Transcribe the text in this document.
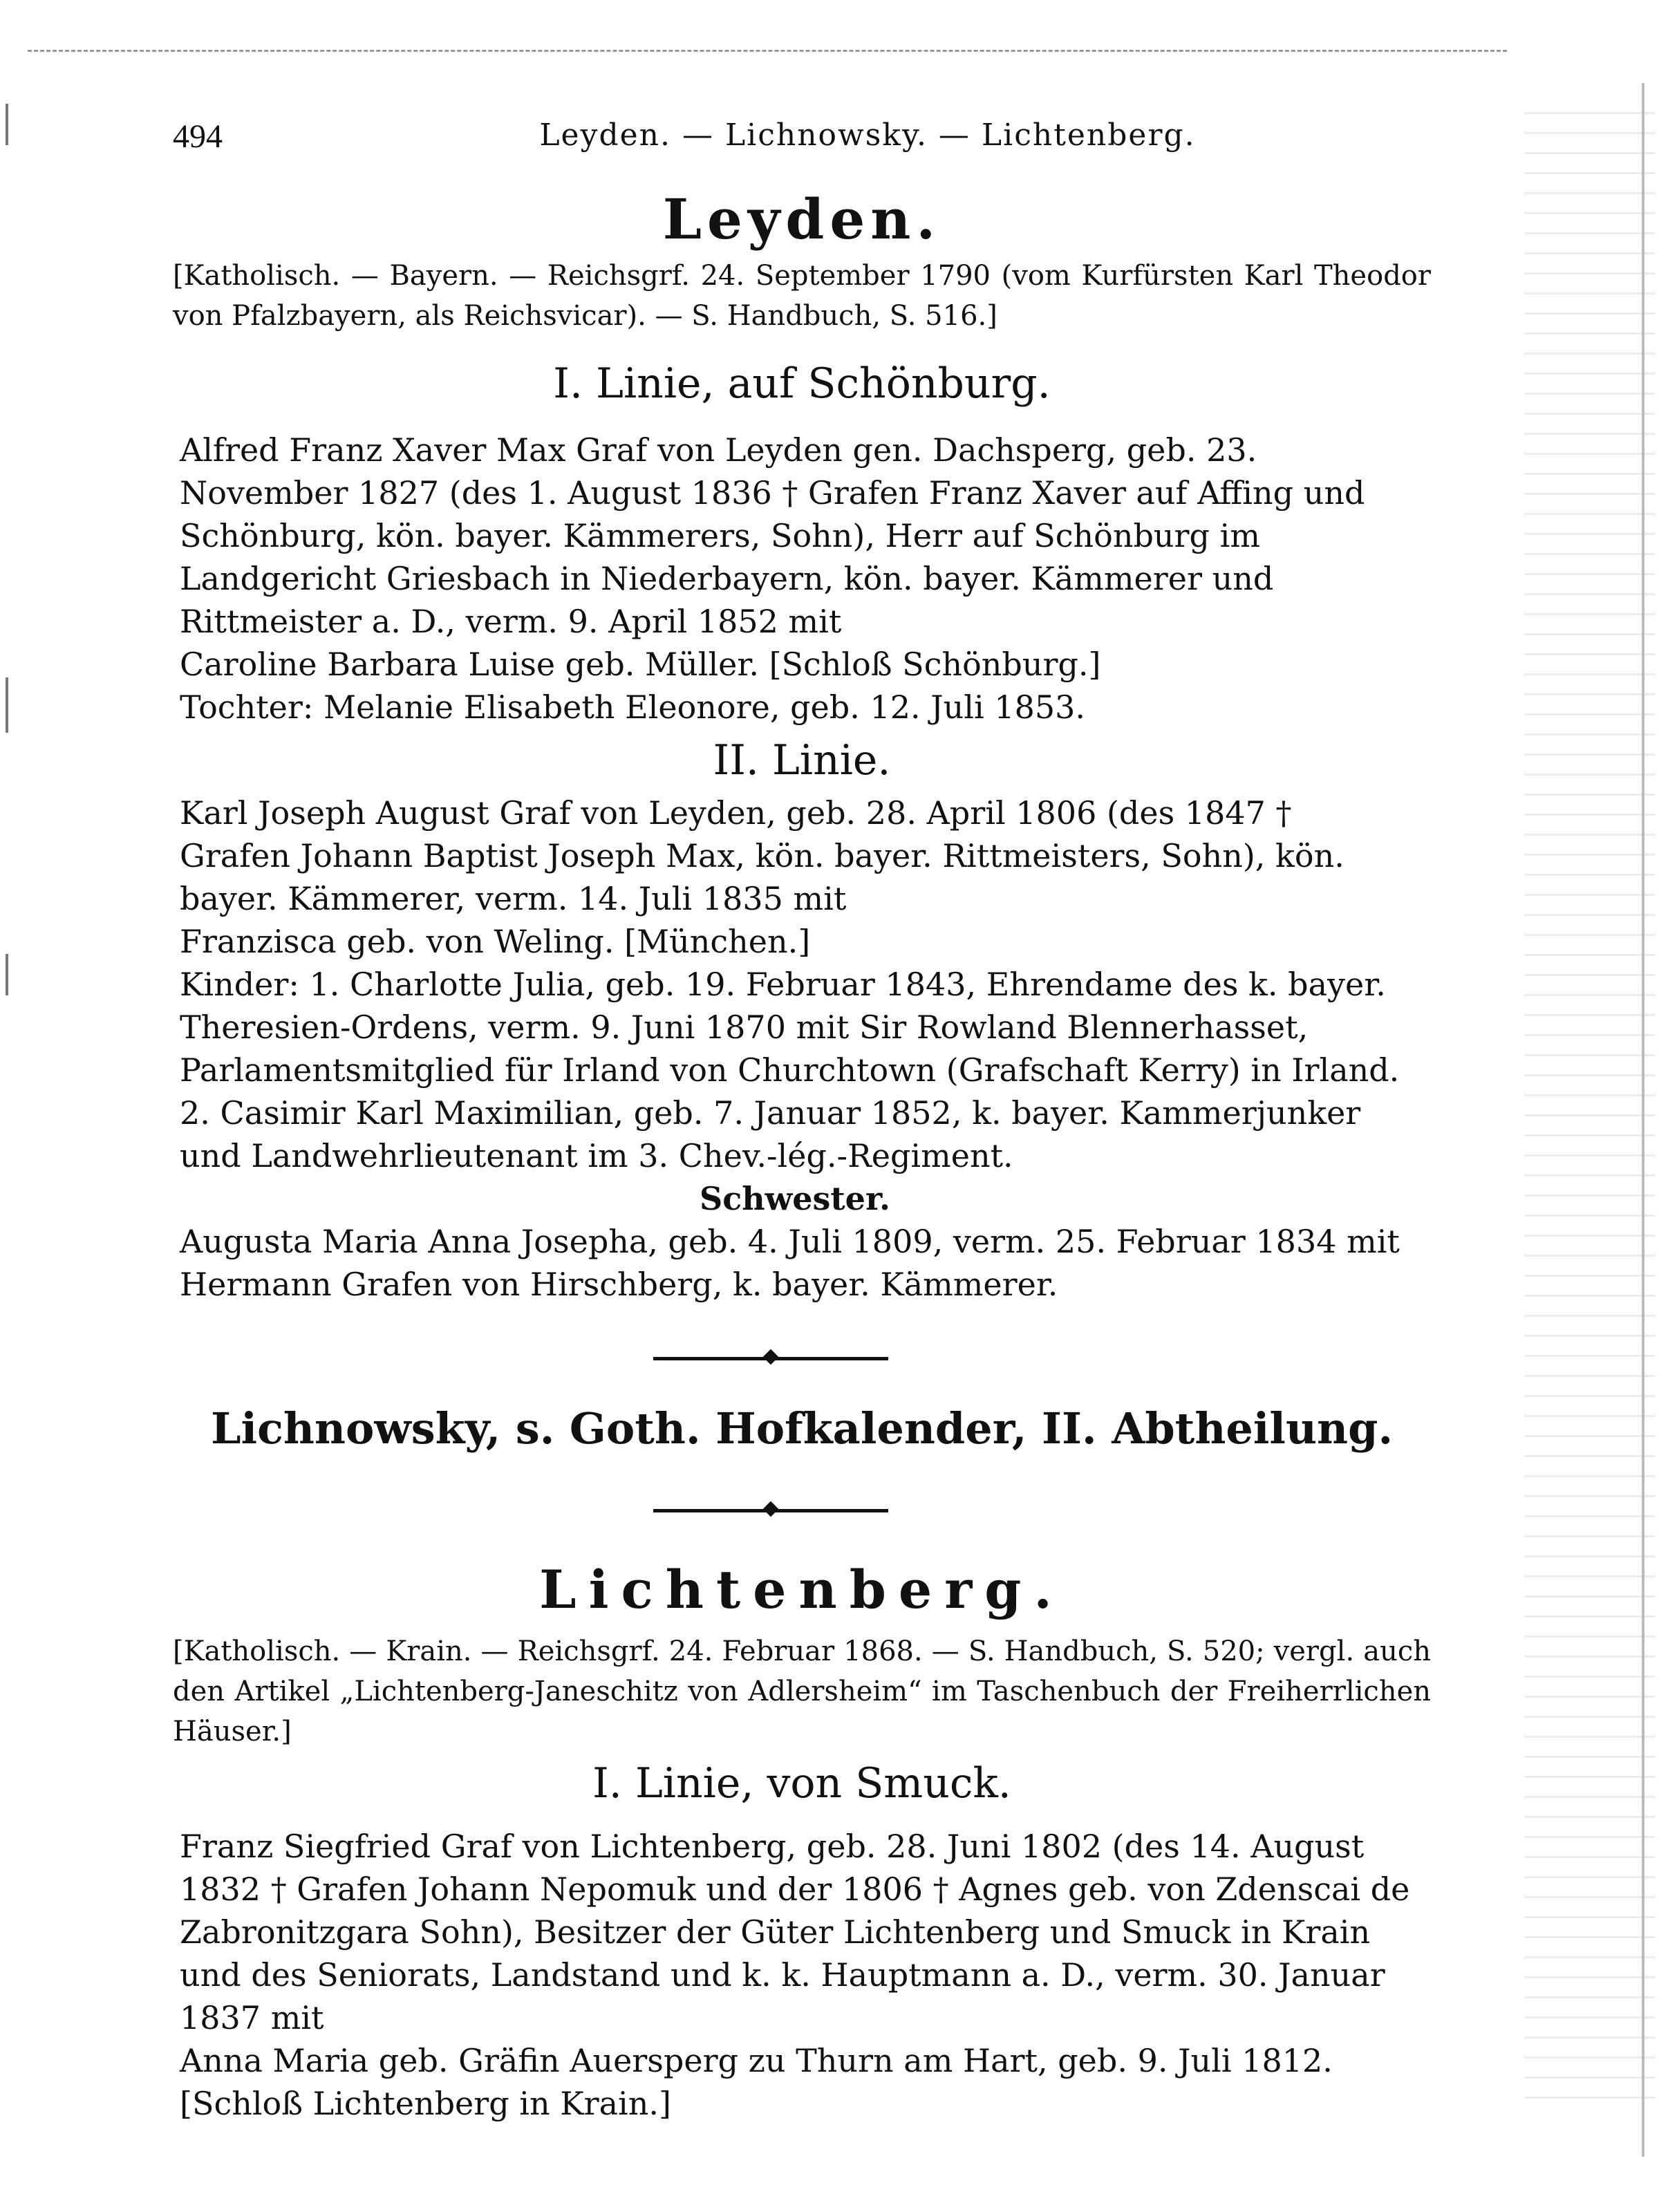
494	Leyden. — Lichnowsky. — Lichtenberg.
Leyden.

[Katholisch. — Bayern. — Reichsgrf. 24. September 1790 (vom Kurfürsten Karl Theodor von Pfalzbayern, als Reichsvicar). — S. Handbuch, S. 516.]

I. Linie, auf Schönburg.

Alfred Franz Xaver Max Graf von Leyden gen. Dachsperg, geb. 23. November 1827 (des 1. August 1836 † Grafen Franz Xaver auf Affing und Schönburg, kön. bayer. Kämmerers, Sohn), Herr auf Schönburg im Landgericht Griesbach in Niederbayern, kön. bayer. Kämmerer und Rittmeister a. D., verm. 9. April 1852 mit

Caroline Barbara Luise geb. Müller. [Schloß Schönburg.]

Tochter: Melanie Elisabeth Eleonore, geb. 12. Juli 1853.

II. Linie.

Karl Joseph August Graf von Leyden, geb. 28. April 1806 (des 1847 † Grafen Johann Baptist Joseph Max, kön. bayer. Rittmeisters, Sohn), kön. bayer. Kämmerer, verm. 14. Juli 1835 mit

Franzisca geb. von Weling. [München.]

Kinder: 1. Charlotte Julia, geb. 19. Februar 1843, Ehrendame des k. bayer. Theresien-Ordens, verm. 9. Juni 1870 mit Sir Rowland Blennerhasset, Parlamentsmitglied für Irland von Churchtown (Grafschaft Kerry) in Irland.

2. Casimir Karl Maximilian, geb. 7. Januar 1852, k. bayer. Kammerjunker und Landwehrlieutenant im 3. Chev.-lég.-Regiment.

Schwester.

Augusta Maria Anna Josepha, geb. 4. Juli 1809, verm. 25. Februar 1834 mit Hermann Grafen von Hirschberg, k. bayer. Kämmerer.

Lichnowsky, s. Goth. Hofkalender, II. Abtheilung.
Lichtenberg.

[Katholisch. — Krain. — Reichsgrf. 24. Februar 1868. — S. Handbuch, S. 520; vergl. auch den Artikel „Lichtenberg-Janeschitz von Adlersheim“ im Taschenbuch der Freiherrlichen Häuser.]

I. Linie, von Smuck.

Franz Siegfried Graf von Lichtenberg, geb. 28. Juni 1802 (des 14. August 1832 † Grafen Johann Nepomuk und der 1806 † Agnes geb. von Zdenscai de Zabronitzgara Sohn), Besitzer der Güter Lichtenberg und Smuck in Krain und des Seniorats, Landstand und k. k. Hauptmann a. D., verm. 30. Januar 1837 mit

Anna Maria geb. Gräfin Auersperg zu Thurn am Hart, geb. 9. Juli 1812. [Schloß Lichtenberg in Krain.]
